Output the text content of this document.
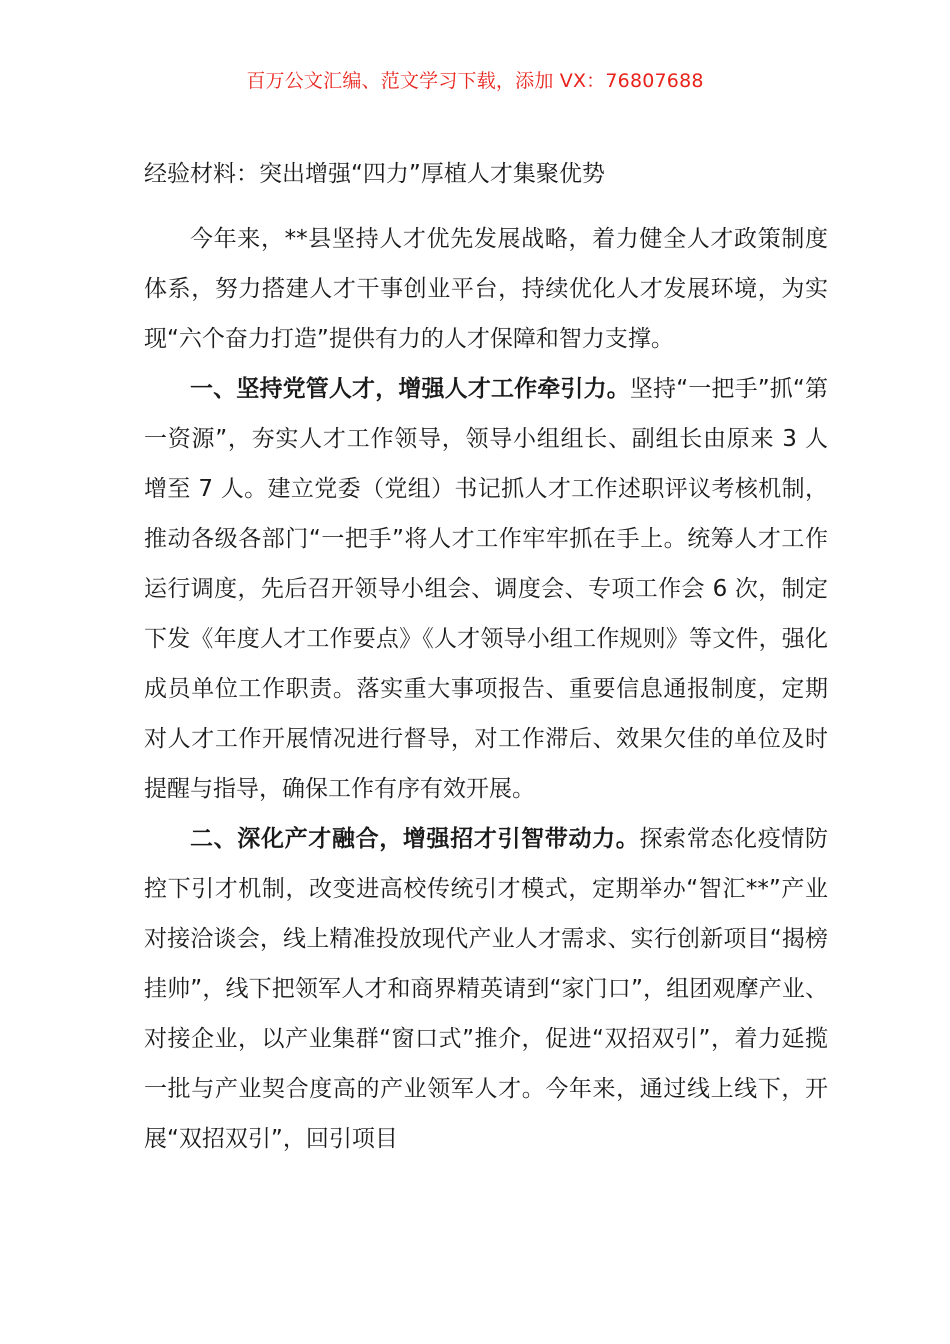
百万公文汇编、范文学习下载，添加 VX：76807688
经验材料：突出增强“四力”厚植人才集聚优势

今年来，**县坚持人才优先发展战略，着力健全人才政策制度体系，努力搭建人才干事创业平台，持续优化人才发展环境，为实现“六个奋力打造”提供有力的人才保障和智力支撑。

一、坚持党管人才，增强人才工作牵引力。坚持“一把手”抓“第一资源”，夯实人才工作领导，领导小组组长、副组长由原来 3 人增至 7 人。建立党委（党组）书记抓人才工作述职评议考核机制，推动各级各部门“一把手”将人才工作牢牢抓在手上。统筹人才工作运行调度，先后召开领导小组会、调度会、专项工作会 6 次，制定下发《年度人才工作要点》《人才领导小组工作规则》等文件，强化成员单位工作职责。落实重大事项报告、重要信息通报制度，定期对人才工作开展情况进行督导，对工作滞后、效果欠佳的单位及时提醒与指导，确保工作有序有效开展。

二、深化产才融合，增强招才引智带动力。探索常态化疫情防控下引才机制，改变进高校传统引才模式，定期举办“智汇**”产业对接洽谈会，线上精准投放现代产业人才需求、实行创新项目“揭榜挂帅”，线下把领军人才和商界精英请到“家门口”，组团观摩产业、对接企业，以产业集群“窗口式”推介，促进“双招双引”，着力延揽一批与产业契合度高的产业领军人才。今年来，通过线上线下，开展“双招双引”，回引项目
